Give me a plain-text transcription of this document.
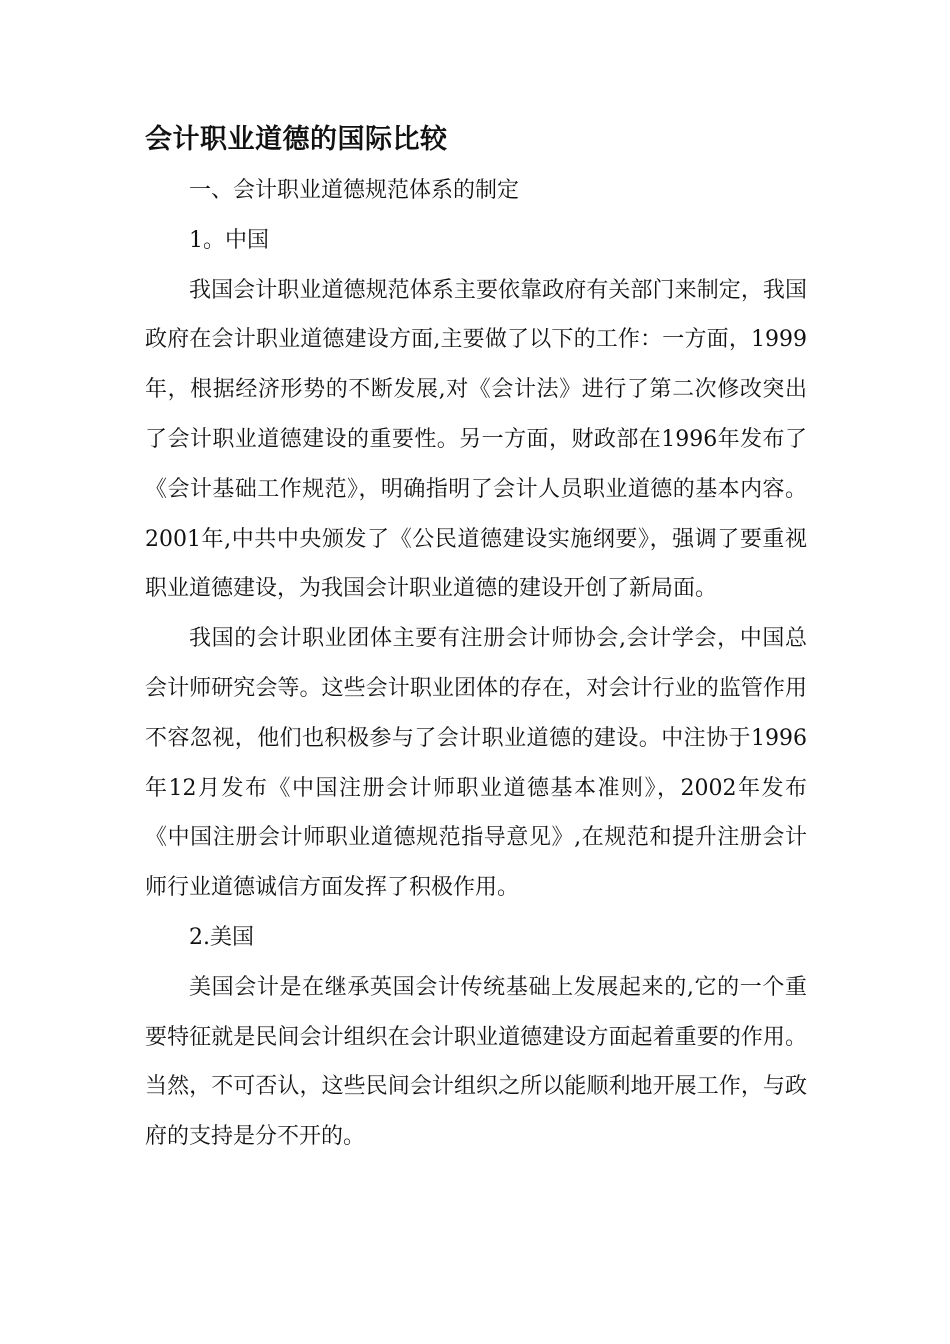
会计职业道德的国际比较

一、会计职业道德规范体系的制定

1。中国

我国会计职业道德规范体系主要依靠政府有关部门来制定，我国政府在会计职业道德建设方面,主要做了以下的工作：一方面，1999年，根据经济形势的不断发展,对《会计法》进行了第二次修改突出了会计职业道德建设的重要性。另一方面，财政部在1996年发布了《会计基础工作规范》，明确指明了会计人员职业道德的基本内容。2001年,中共中央颁发了《公民道德建设实施纲要》，强调了要重视职业道德建设，为我国会计职业道德的建设开创了新局面。

我国的会计职业团体主要有注册会计师协会,会计学会，中国总会计师研究会等。这些会计职业团体的存在，对会计行业的监管作用不容忽视，他们也积极参与了会计职业道德的建设。中注协于1996年12月发布《中国注册会计师职业道德基本准则》，2002年发布《中国注册会计师职业道德规范指导意见》,在规范和提升注册会计师行业道德诚信方面发挥了积极作用。

2.美国

美国会计是在继承英国会计传统基础上发展起来的,它的一个重要特征就是民间会计组织在会计职业道德建设方面起着重要的作用。当然，不可否认，这些民间会计组织之所以能顺利地开展工作，与政府的支持是分不开的。
